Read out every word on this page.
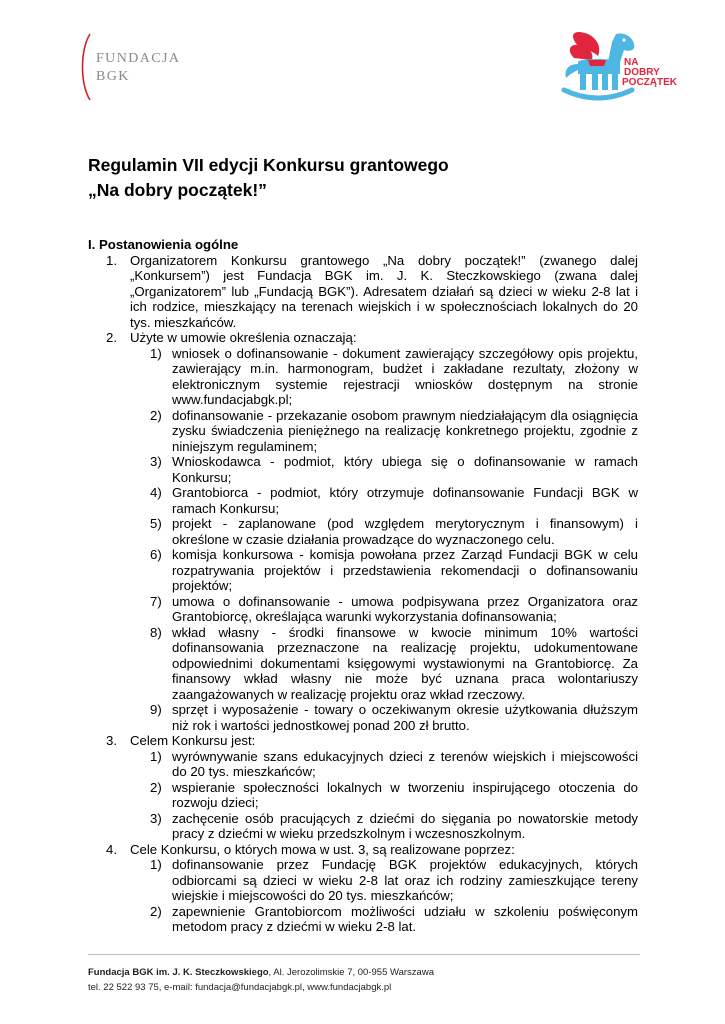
FUNDACJA
BGK
NA
DOBRY
POCZĄTEK
Regulamin VII edycji Konkursu grantowego
„Na dobry początek!”
I. Postanowienia ogólne
1. Organizatorem Konkursu grantowego „Na dobry początek!” (zwanego dalej „Konkursem”) jest Fundacja BGK im. J. K. Steczkowskiego (zwana dalej „Organizatorem” lub „Fundacją BGK”). Adresatem działań są dzieci w wieku 2-8 lat i ich rodzice, mieszkający na terenach wiejskich i w społecznościach lokalnych do 20 tys. mieszkańców.
2. Użyte w umowie określenia oznaczają:
1) wniosek o dofinansowanie - dokument zawierający szczegółowy opis projektu, zawierający m.in. harmonogram, budżet i zakładane rezultaty, złożony w elektronicznym systemie rejestracji wniosków dostępnym na stronie www.fundacjabgk.pl;
2) dofinansowanie - przekazanie osobom prawnym niedziałającym dla osiągnięcia zysku świadczenia pieniężnego na realizację konkretnego projektu, zgodnie z niniejszym regulaminem;
3) Wnioskodawca - podmiot, który ubiega się o dofinansowanie w ramach Konkursu;
4) Grantobiorca - podmiot, który otrzymuje dofinansowanie Fundacji BGK w ramach Konkursu;
5) projekt - zaplanowane (pod względem merytorycznym i finansowym) i określone w czasie działania prowadzące do wyznaczonego celu.
6) komisja konkursowa - komisja powołana przez Zarząd Fundacji BGK w celu rozpatrywania projektów i przedstawienia rekomendacji o dofinansowaniu projektów;
7) umowa o dofinansowanie - umowa podpisywana przez Organizatora oraz Grantobiorcę, określająca warunki wykorzystania dofinansowania;
8) wkład własny - środki finansowe w kwocie minimum 10% wartości dofinansowania przeznaczone na realizację projektu, udokumentowane odpowiednimi dokumentami księgowymi wystawionymi na Grantobiorcę. Za finansowy wkład własny nie może być uznana praca wolontariuszy zaangażowanych w realizację projektu oraz wkład rzeczowy.
9) sprzęt i wyposażenie - towary o oczekiwanym okresie użytkowania dłuższym niż rok i wartości jednostkowej ponad 200 zł brutto.
3. Celem Konkursu jest:
1) wyrównywanie szans edukacyjnych dzieci z terenów wiejskich i miejscowości do 20 tys. mieszkańców;
2) wspieranie społeczności lokalnych w tworzeniu inspirującego otoczenia do rozwoju dzieci;
3) zachęcenie osób pracujących z dziećmi do sięgania po nowatorskie metody pracy z dziećmi w wieku przedszkolnym i wczesnoszkolnym.
4. Cele Konkursu, o których mowa w ust. 3, są realizowane poprzez:
1) dofinansowanie przez Fundację BGK projektów edukacyjnych, których odbiorcami są dzieci w wieku 2-8 lat oraz ich rodziny zamieszkujące tereny wiejskie i miejscowości do 20 tys. mieszkańców;
2) zapewnienie Grantobiorcom możliwości udziału w szkoleniu poświęconym metodom pracy z dziećmi w wieku 2-8 lat.
Fundacja BGK im. J. K. Steczkowskiego, Al. Jerozolimskie 7, 00-955 Warszawa
tel. 22 522 93 75, e-mail: fundacja@fundacjabgk.pl, www.fundacjabgk.pl
